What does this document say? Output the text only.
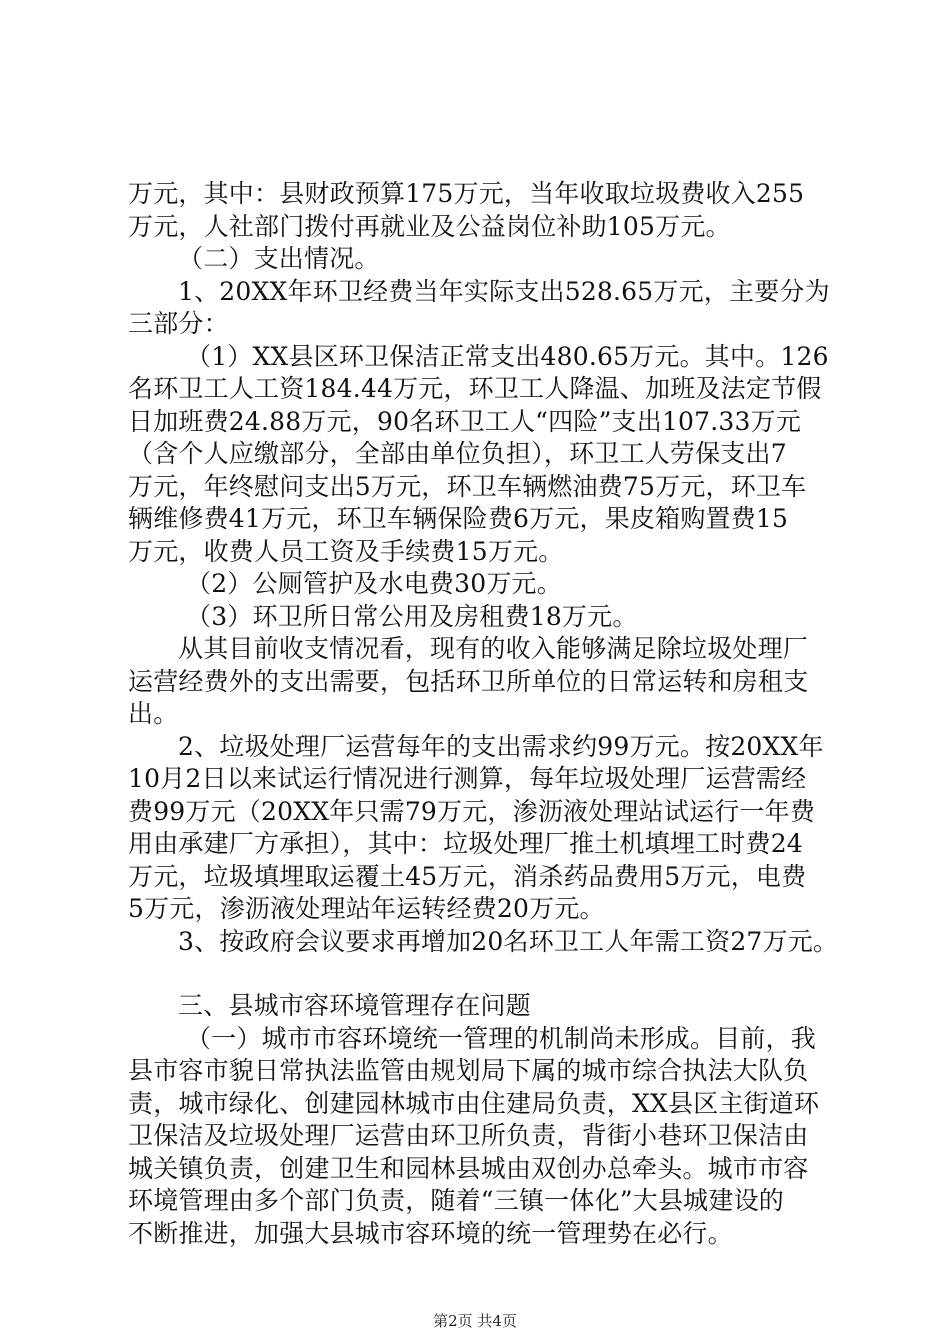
万元，其中：县财政预算175万元，当年收取垃圾费收入255
万元，人社部门拨付再就业及公益岗位补助105万元。
（二）支出情况。
1、20XX年环卫经费当年实际支出528.65万元，主要分为
三部分：
（1）XX县区环卫保洁正常支出480.65万元。其中。126
名环卫工人工资184.44万元，环卫工人降温、加班及法定节假
日加班费24.88万元，90名环卫工人“四险”支出107.33万元
（含个人应缴部分，全部由单位负担），环卫工人劳保支出7
万元，年终慰问支出5万元，环卫车辆燃油费75万元，环卫车
辆维修费41万元，环卫车辆保险费6万元，果皮箱购置费15
万元，收费人员工资及手续费15万元。
（2）公厕管护及水电费30万元。
（3）环卫所日常公用及房租费18万元。
从其目前收支情况看，现有的收入能够满足除垃圾处理厂
运营经费外的支出需要，包括环卫所单位的日常运转和房租支
出。
2、垃圾处理厂运营每年的支出需求约99万元。按20XX年
10月2日以来试运行情况进行测算，每年垃圾处理厂运营需经
费99万元（20XX年只需79万元，渗沥液处理站试运行一年费
用由承建厂方承担），其中：垃圾处理厂推土机填埋工时费24
万元，垃圾填埋取运覆土45万元，消杀药品费用5万元，电费
5万元，渗沥液处理站年运转经费20万元。
3、按政府会议要求再增加20名环卫工人年需工资27万元。
三、县城市容环境管理存在问题
（一）城市市容环境统一管理的机制尚未形成。目前，我
县市容市貌日常执法监管由规划局下属的城市综合执法大队负
责，城市绿化、创建园林城市由住建局负责，XX县区主街道环
卫保洁及垃圾处理厂运营由环卫所负责，背街小巷环卫保洁由
城关镇负责，创建卫生和园林县城由双创办总牵头。城市市容
环境管理由多个部门负责，随着“三镇一体化”大县城建设的
不断推进，加强大县城市容环境的统一管理势在必行。
第2页 共4页
